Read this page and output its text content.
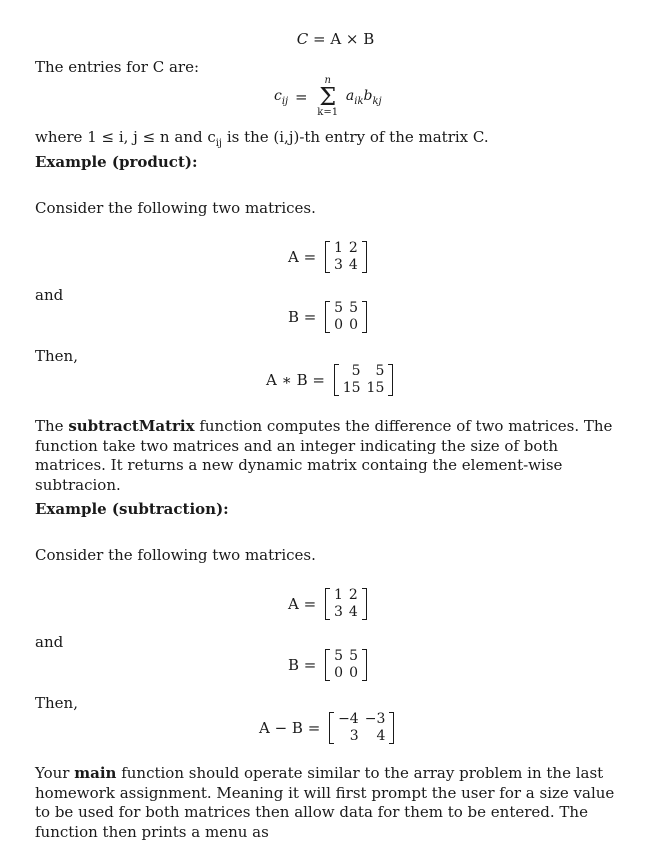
C = A × B
The entries for C are:
$c_{ij}$ =
n
Σ
k=1
$a_{ik}b_{kj}$
where 1 ≤ i, j ≤ n and $c_{ij}$ is the (i,j)-th entry of the matrix C.
Example (product):
Consider the following two matrices.
A = 1	2
3	4
and
B = 5	5
0	0
Then,
A ∗ B = 5	5
15	15
The subtractMatrix function computes the difference of two matrices. The function take two matrices and an integer indicating the size of both matrices. It returns a new dynamic matrix containg the element-wise subtracion.
Example (subtraction):
Consider the following two matrices.
A = 1	2
3	4
and
B = 5	5
0	0
Then,
A − B = −4	−3
3	4
Your main function should operate similar to the array problem in the last homework assignment. Meaning it will first prompt the user for a size value to be used for both matrices then allow data for them to be entered. The function then prints a menu as
